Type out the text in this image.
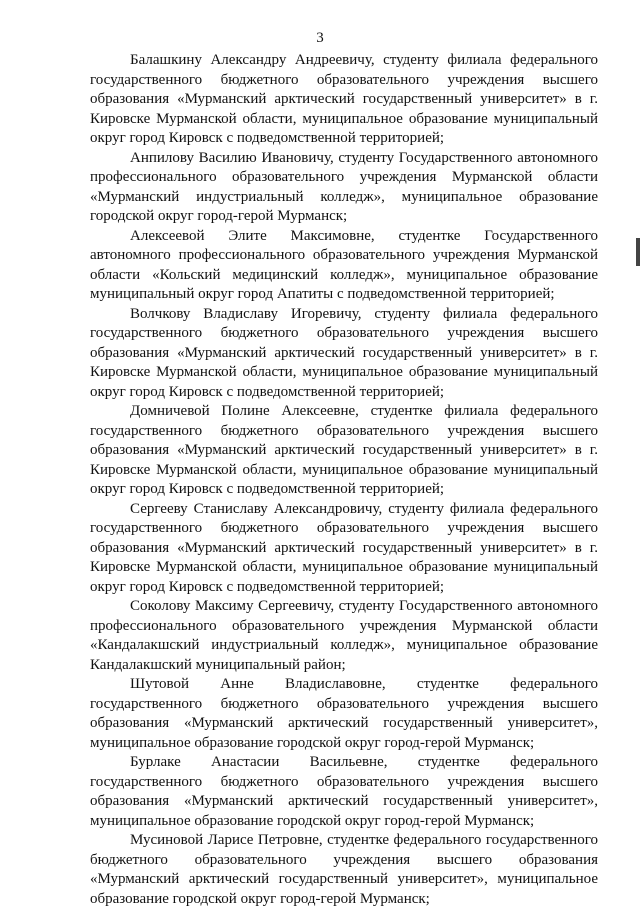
3

Балашкину Александру Андреевичу, студенту филиала федерального государственного бюджетного образовательного учреждения высшего образования «Мурманский арктический государственный университет» в г. Кировске Мурманской области, муниципальное образование муниципальный округ город Кировск с подведомственной территорией;

Анпилову Василию Ивановичу, студенту Государственного автономного профессионального образовательного учреждения Мурманской области «Мурманский индустриальный колледж», муниципальное образование городской округ город-герой Мурманск;

Алексеевой Элите Максимовне, студентке Государственного автономного профессионального образовательного учреждения Мурманской области «Кольский медицинский колледж», муниципальное образование муниципальный округ город Апатиты с подведомственной территорией;

Волчкову Владиславу Игоревичу, студенту филиала федерального государственного бюджетного образовательного учреждения высшего образования «Мурманский арктический государственный университет» в г. Кировске Мурманской области, муниципальное образование муниципальный округ город Кировск с подведомственной территорией;

Домничевой Полине Алексеевне, студентке филиала федерального государственного бюджетного образовательного учреждения высшего образования «Мурманский арктический государственный университет» в г. Кировске Мурманской области, муниципальное образование муниципальный округ город Кировск с подведомственной территорией;

Сергееву Станиславу Александровичу, студенту филиала федерального государственного бюджетного образовательного учреждения высшего образования «Мурманский арктический государственный университет» в г. Кировске Мурманской области, муниципальное образование муниципальный округ город Кировск с подведомственной территорией;

Соколову Максиму Сергеевичу, студенту Государственного автономного профессионального образовательного учреждения Мурманской области «Кандалакшский индустриальный колледж», муниципальное образование Кандалакшский муниципальный район;

Шутовой Анне Владиславовне, студентке федерального государственного бюджетного образовательного учреждения высшего образования «Мурманский арктический государственный университет», муниципальное образование городской округ город-герой Мурманск;

Бурлаке Анастасии Васильевне, студентке федерального государственного бюджетного образовательного учреждения высшего образования «Мурманский арктический государственный университет», муниципальное образование городской округ город-герой Мурманск;

Мусиновой Ларисе Петровне, студентке федерального государственного бюджетного образовательного учреждения высшего образования «Мурманский арктический государственный университет», муниципальное образование городской округ город-герой Мурманск;
